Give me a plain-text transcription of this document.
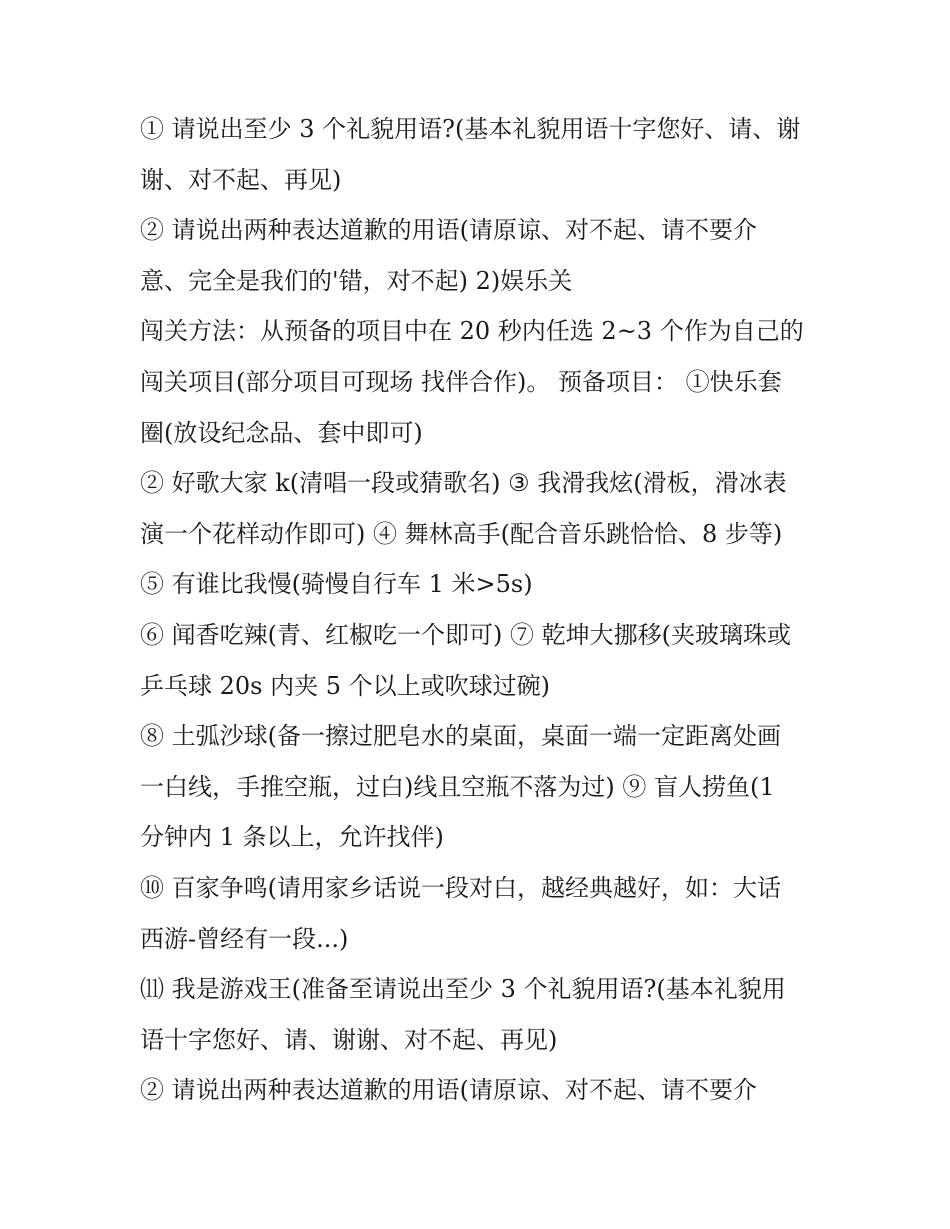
① 请说出至少 3 个礼貌用语?(基本礼貌用语十字您好、请、谢
谢、对不起、再见)
② 请说出两种表达道歉的用语(请原谅、对不起、请不要介
意、完全是我们的'错，对不起) 2)娱乐关
闯关方法：从预备的项目中在 20 秒内任选 2~3 个作为自己的
闯关项目(部分项目可现场 找伴合作)。 预备项目： ①快乐套
圈(放设纪念品、套中即可)
② 好歌大家 k(清唱一段或猜歌名) ③ 我滑我炫(滑板，滑冰表
演一个花样动作即可) ④ 舞林高手(配合音乐跳恰恰、8 步等)
⑤ 有谁比我慢(骑慢自行车 1 米>5s)
⑥ 闻香吃辣(青、红椒吃一个即可) ⑦ 乾坤大挪移(夹玻璃珠或
乒乓球 20s 内夹 5 个以上或吹球过碗)
⑧ 土弧沙球(备一擦过肥皂水的桌面，桌面一端一定距离处画
一白线，手推空瓶，过白)线且空瓶不落为过) ⑨ 盲人捞鱼(1
分钟内 1 条以上，允许找伴)
⑩ 百家争鸣(请用家乡话说一段对白，越经典越好，如：大话
西游-曾经有一段...)
⑾ 我是游戏王(准备至请说出至少 3 个礼貌用语?(基本礼貌用
语十字您好、请、谢谢、对不起、再见)
② 请说出两种表达道歉的用语(请原谅、对不起、请不要介
